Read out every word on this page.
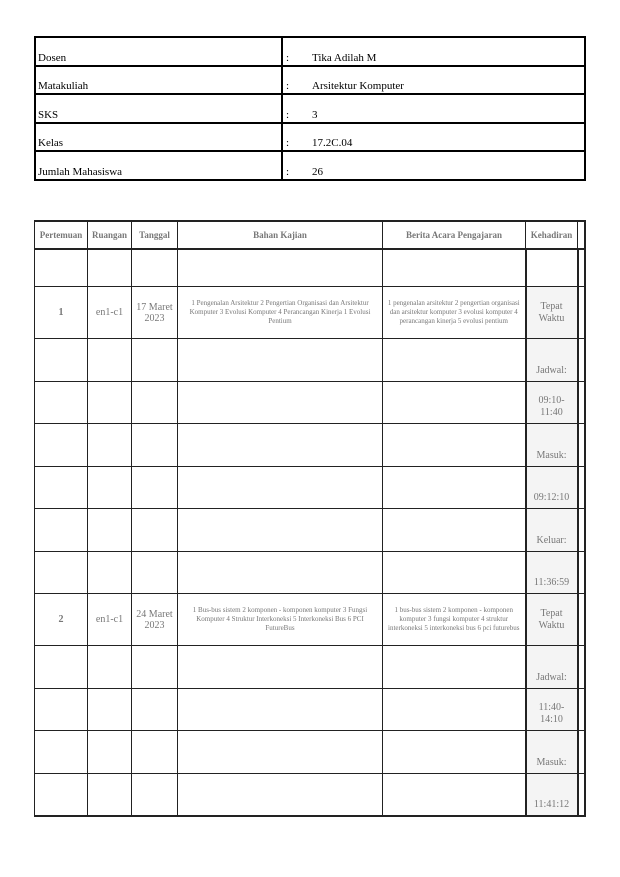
Dosen	:	Tika Adilah M
Matakuliah	:	Arsitektur Komputer
SKS	:	3
Kelas	:	17.2C.04
Jumlah Mahasiswa	:	26
Pertemuan	Ruangan	Tanggal	Bahan Kajian	Berita Acara Pengajaran	Kehadiran	

1	en1-c1	17 Maret 2023	1 Pengenalan Arsitektur 2 Pengertian Organisasi dan Arsitektur Komputer 3 Evolusi Komputer 4 Perancangan Kinerja 1 Evolusi Pentium	1 pengenalan arsitektur 2 pengertian organisasi dan arsitektur komputer 3 evolusi komputer 4 perancangan kinerja 5 evolusi pentium	Tepat Waktu	
					Jadwal:	
					09:10-11:40	
					Masuk:	
					09:12:10	
					Keluar:	
					11:36:59	
2	en1-c1	24 Maret 2023	1 Bus-bus sistem 2 komponen - komponen komputer 3 Fungsi Komputer 4 Struktur Interkoneksi 5 Interkoneksi Bus 6 PCI FutureBus	1 bus-bus sistem 2 komponen - komponen komputer 3 fungsi komputer 4 struktur interkoneksi 5 interkoneksi bus 6 pci futurebus	Tepat Waktu	
					Jadwal:	
					11:40-14:10	
					Masuk:	
					11:41:12	
